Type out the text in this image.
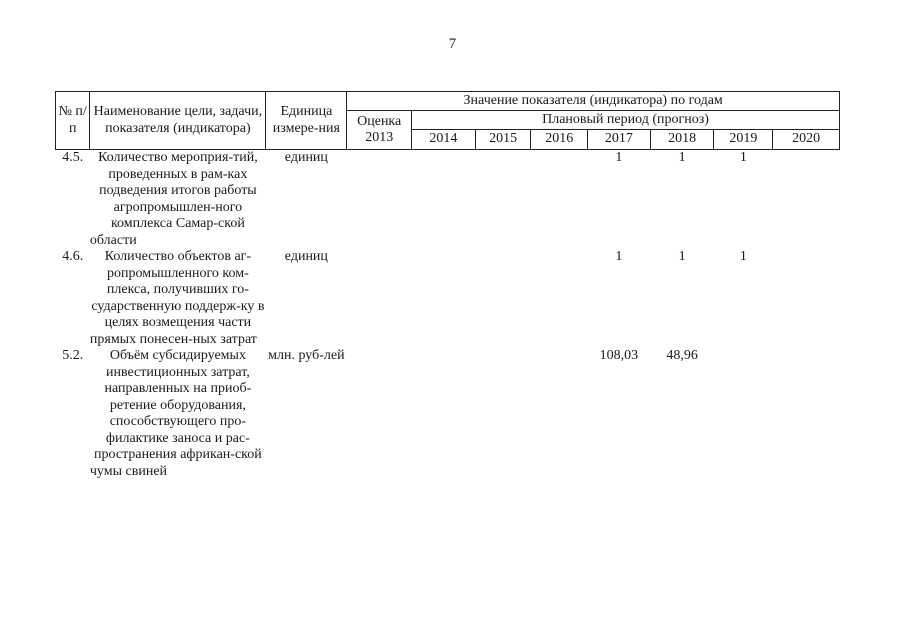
7
№ п/п	Наименование цели, задачи, показателя (индикатора)	Единица измере-ния	Значение показателя (индикатора) по годам							
			Оценка 2013	Плановый период (прогноз)						
				2014	2015	2016	2017	2018	2019	2020
4.5.	Количество мероприя-тий, проведенных в рам-ках подведения итогов работы агропромышлен-ного комплекса Самар-ской области	единиц					1	1	1	
4.6.	Количество объектов аг-ропромышленного ком-плекса, получивших го-сударственную поддерж-ку в целях возмещения части прямых понесен-ных затрат	единиц					1	1	1	
5.2.	Объём субсидируемых инвестиционных затрат, направленных на приоб-ретение оборудования, способствующего про-филактике заноса и рас-пространения африкан-ской чумы свиней	млн. руб-лей					108,03	48,96		
